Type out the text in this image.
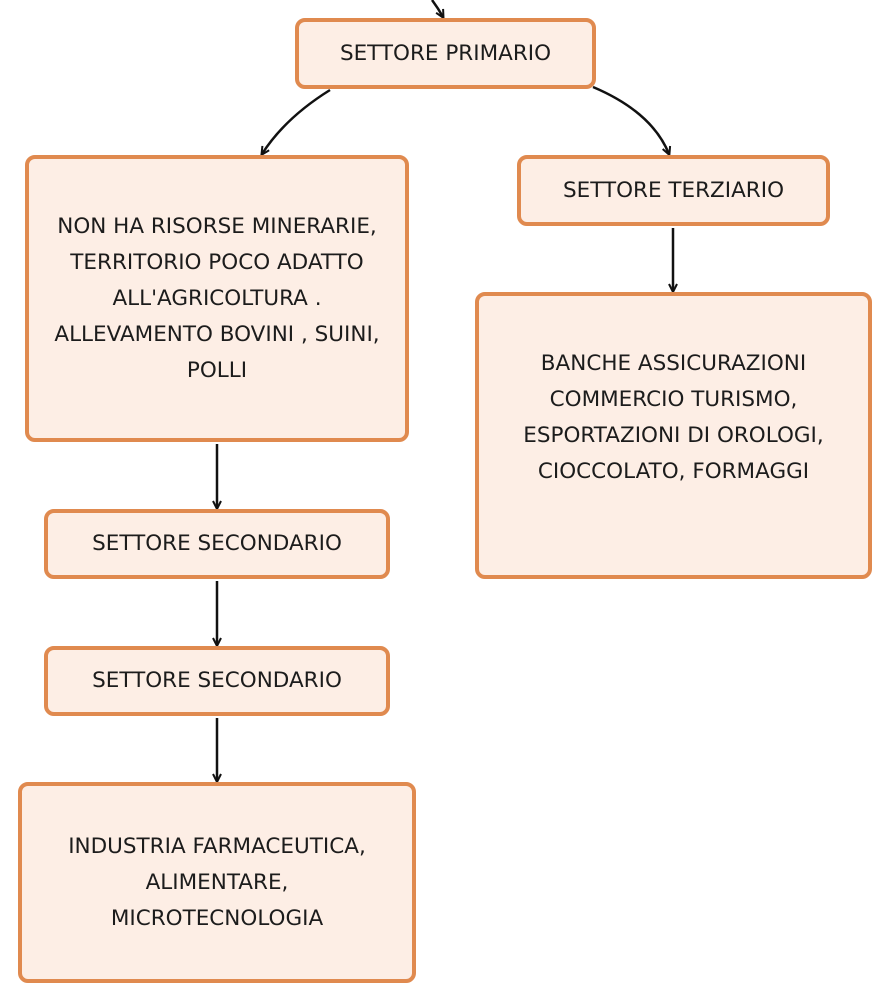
SETTORE PRIMARIO
NON HA RISORSE MINERARIE,
TERRITORIO POCO ADATTO
ALL'AGRICOLTURA .
ALLEVAMENTO BOVINI , SUINI,
POLLI
SETTORE TERZIARIO
BANCHE ASSICURAZIONI
COMMERCIO TURISMO,
ESPORTAZIONI DI OROLOGI,
CIOCCOLATO, FORMAGGI
SETTORE SECONDARIO
SETTORE SECONDARIO
INDUSTRIA FARMACEUTICA,
ALIMENTARE,
MICROTECNOLOGIA
